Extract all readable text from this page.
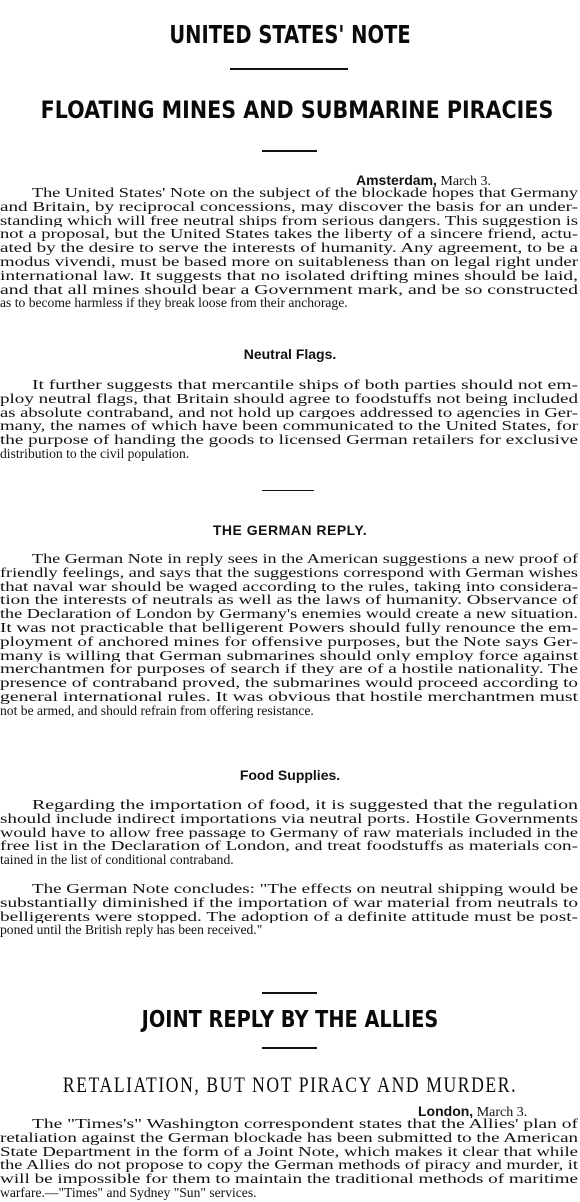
UNITED STATES' NOTE
FLOATING MINES AND SUBMARINE PIRACIES
Amsterdam, March 3.
The United States' Note on the subject of the blockade hopes that Germany
and Britain, by reciprocal concessions, may discover the basis for an under-
standing which will free neutral ships from serious dangers. This suggestion is
not a proposal, but the United States takes the liberty of a sincere friend, actu-
ated by the desire to serve the interests of humanity. Any agreement, to be a
modus vivendi, must be based more on suitableness than on legal right under
international law. It suggests that no isolated drifting mines should be laid,
and that all mines should bear a Government mark, and be so constructed
as to become harmless if they break loose from their anchorage.
Neutral Flags.
It further suggests that mercantile ships of both parties should not em-
ploy neutral flags, that Britain should agree to foodstuffs not being included
as absolute contraband, and not hold up cargoes addressed to agencies in Ger-
many, the names of which have been communicated to the United States, for
the purpose of handing the goods to licensed German retailers for exclusive
distribution to the civil population.
THE GERMAN REPLY.
The German Note in reply sees in the American suggestions a new proof of
friendly feelings, and says that the suggestions correspond with German wishes
that naval war should be waged according to the rules, taking into considera-
tion the interests of neutrals as well as the laws of humanity. Observance of
the Declaration of London by Germany's enemies would create a new situation.
It was not practicable that belligerent Powers should fully renounce the em-
ployment of anchored mines for offensive purposes, but the Note says Ger-
many is willing that German submarines should only employ force against
merchantmen for purposes of search if they are of a hostile nationality. The
presence of contraband proved, the submarines would proceed according to
general international rules. It was obvious that hostile merchantmen must
not be armed, and should refrain from offering resistance.
Food Supplies.
Regarding the importation of food, it is suggested that the regulation
should include indirect importations via neutral ports. Hostile Governments
would have to allow free passage to Germany of raw materials included in the
free list in the Declaration of London, and treat foodstuffs as materials con-
tained in the list of conditional contraband.
The German Note concludes: "The effects on neutral shipping would be
substantially diminished if the importation of war material from neutrals to
belligerents were stopped. The adoption of a definite attitude must be post-
poned until the British reply has been received."
JOINT REPLY BY THE ALLIES
RETALIATION, BUT NOT PIRACY AND MURDER.
London, March 3.
The "Times's" Washington correspondent states that the Allies' plan of
retaliation against the German blockade has been submitted to the American
State Department in the form of a Joint Note, which makes it clear that while
the Allies do not propose to copy the German methods of piracy and murder, it
will be impossible for them to maintain the traditional methods of maritime
warfare.—"Times" and Sydney "Sun" services.
